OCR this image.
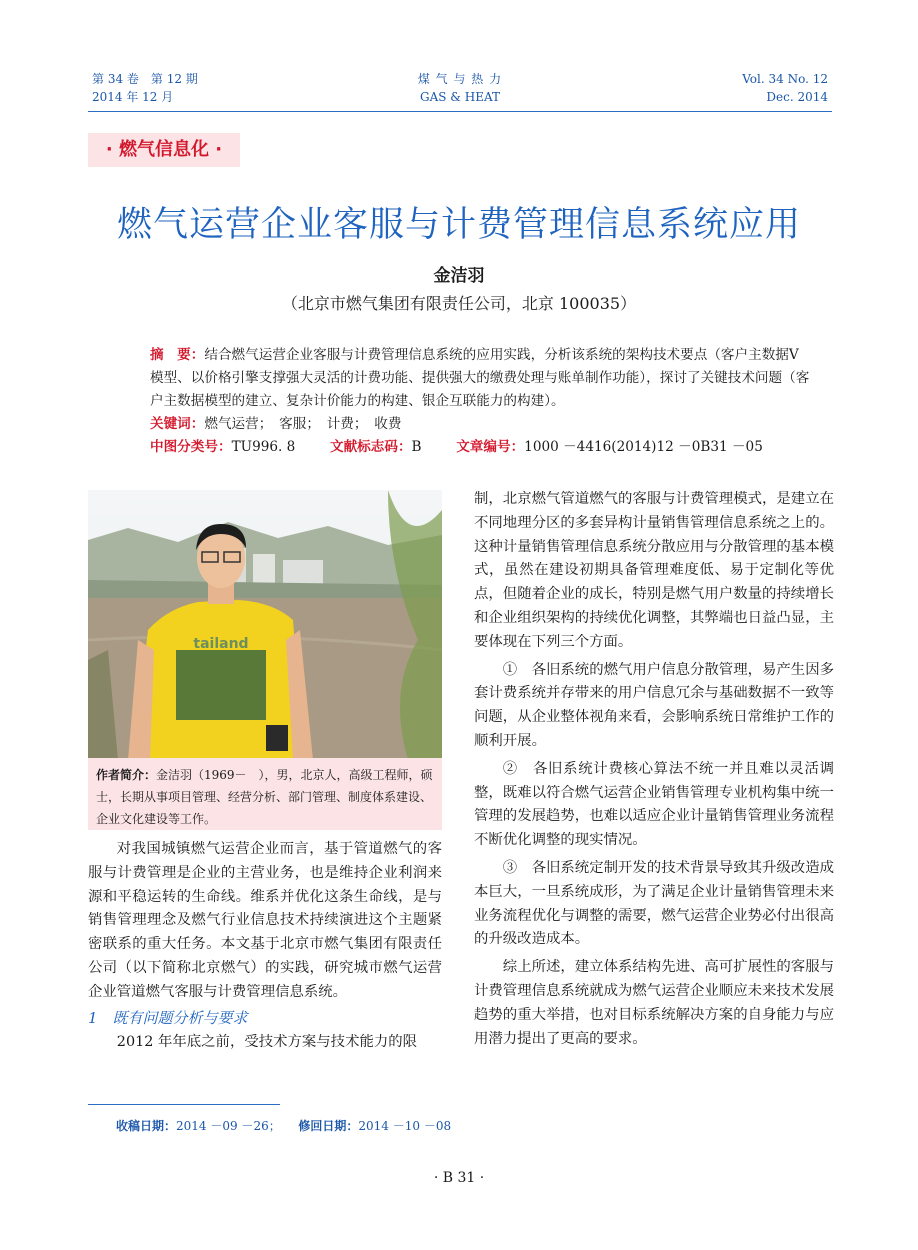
第 34 卷　第 12 期
2014 年 12 月
煤 气 与 热 力
GAS & HEAT
Vol. 34 No. 12
Dec. 2014
· 燃气信息化 ·
燃气运营企业客服与计费管理信息系统应用
金洁羽
（北京市燃气集团有限责任公司，北京 100035）

摘　要：结合燃气运营企业客服与计费管理信息系统的应用实践，分析该系统的架构技术要点（客户主数据Ⅴ模型、以价格引擎支撑强大灵活的计费功能、提供强大的缴费处理与账单制作功能），探讨了关键技术问题（客户主数据模型的建立、复杂计价能力的构建、银企互联能力的构建）。

关键词：燃气运营；　客服；　计费；　收费

中图分类号：TU996. 8	文献标志码：B	文章编号：1000 －4416(2014)12 －0B31 －05

tailand
作者简介：金洁羽（1969－　），男，北京人，高级工程师，硕士，长期从事项目管理、经营分析、部门管理、制度体系建设、企业文化建设等工作。

对我国城镇燃气运营企业而言，基于管道燃气的客服与计费管理是企业的主营业务，也是维持企业利润来源和平稳运转的生命线。维系并优化这条生命线，是与销售管理理念及燃气行业信息技术持续演进这个主题紧密联系的重大任务。本文基于北京市燃气集团有限责任公司（以下简称北京燃气）的实践，研究城市燃气运营企业管道燃气客服与计费管理信息系统。

1　既有问题分析与要求

2012 年年底之前，受技术方案与技术能力的限

制，北京燃气管道燃气的客服与计费管理模式，是建立在不同地理分区的多套异构计量销售管理信息系统之上的。这种计量销售管理信息系统分散应用与分散管理的基本模式，虽然在建设初期具备管理难度低、易于定制化等优点，但随着企业的成长，特别是燃气用户数量的持续增长和企业组织架构的持续优化调整，其弊端也日益凸显，主要体现在下列三个方面。

①　各旧系统的燃气用户信息分散管理，易产生因多套计费系统并存带来的用户信息冗余与基础数据不一致等问题，从企业整体视角来看，会影响系统日常维护工作的顺利开展。

②　各旧系统计费核心算法不统一并且难以灵活调整，既难以符合燃气运营企业销售管理专业机构集中统一管理的发展趋势，也难以适应企业计量销售管理业务流程不断优化调整的现实情况。

③　各旧系统定制开发的技术背景导致其升级改造成本巨大，一旦系统成形，为了满足企业计量销售管理未来业务流程优化与调整的需要，燃气运营企业势必付出很高的升级改造成本。

综上所述，建立体系结构先进、高可扩展性的客服与计费管理信息系统就成为燃气运营企业顺应未来技术发展趋势的重大举措，也对目标系统解决方案的自身能力与应用潜力提出了更高的要求。

收稿日期：2014 －09 －26； 修回日期：2014 －10 －08
· B 31 ·
